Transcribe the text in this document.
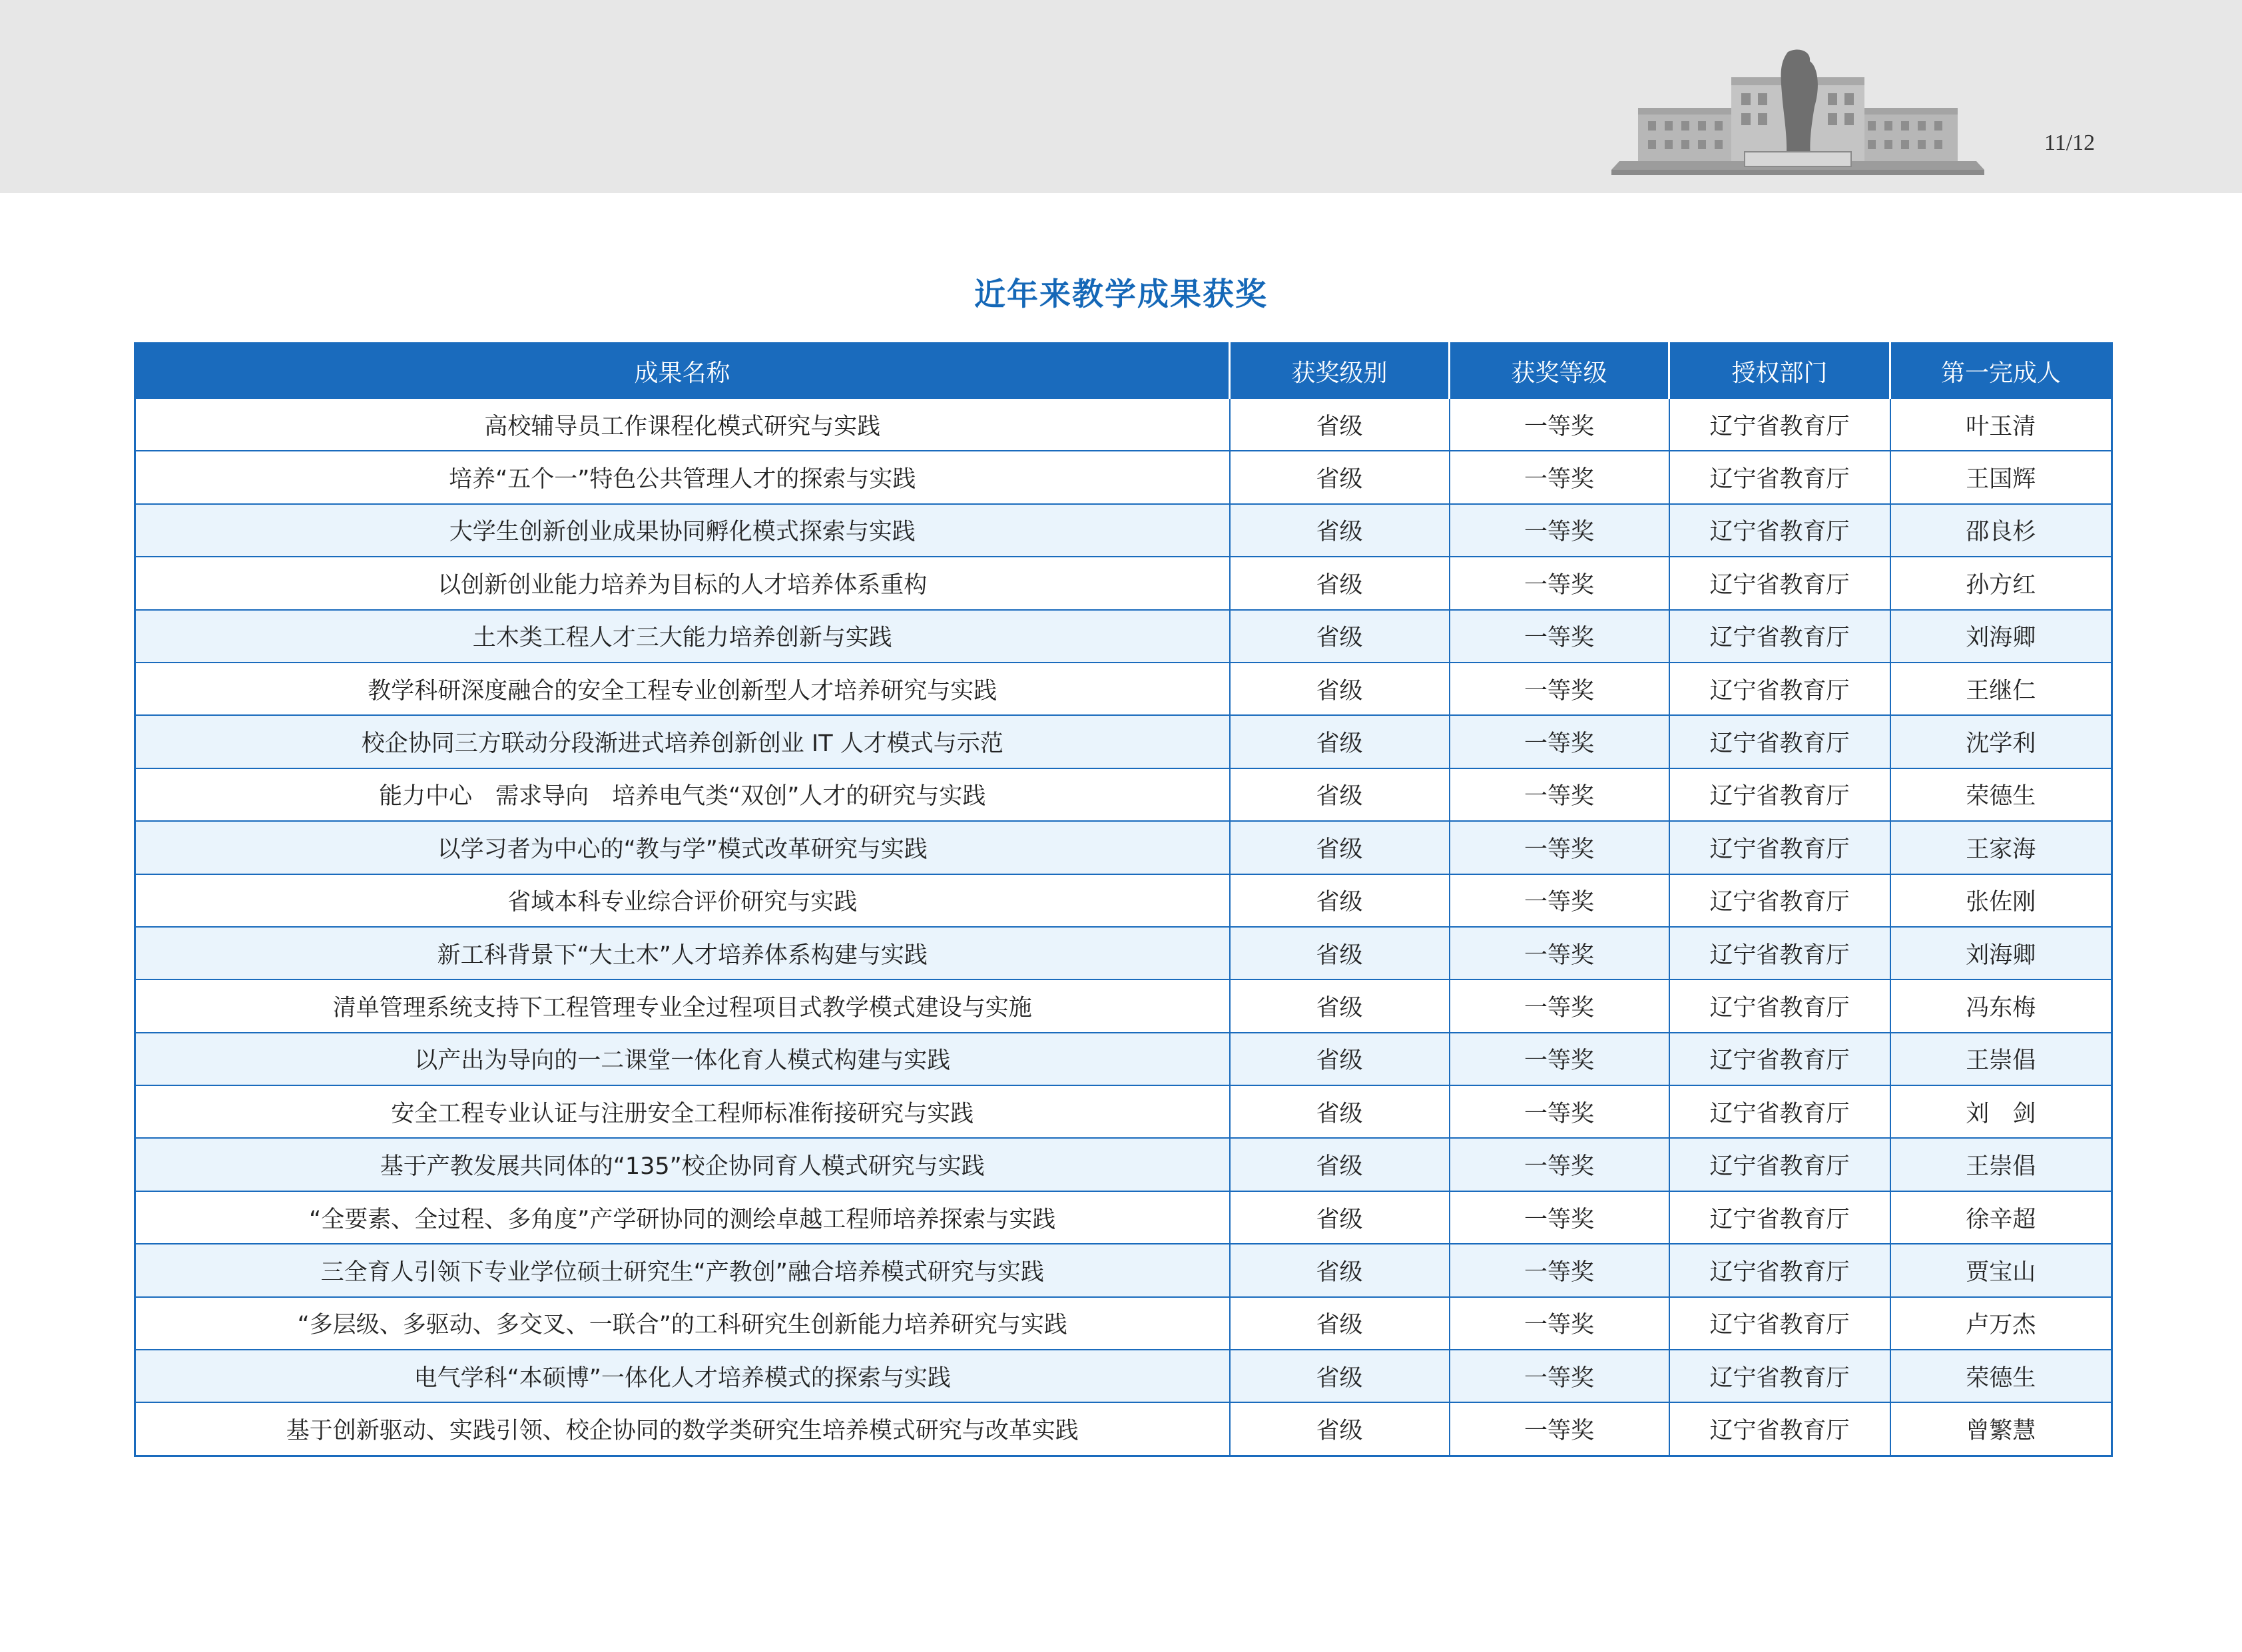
11/12
近年来教学成果获奖
成果名称	获奖级别	获奖等级	授权部门	第一完成人
高校辅导员工作课程化模式研究与实践	省级	一等奖	辽宁省教育厅	叶玉清
培养“五个一”特色公共管理人才的探索与实践	省级	一等奖	辽宁省教育厅	王国辉
大学生创新创业成果协同孵化模式探索与实践	省级	一等奖	辽宁省教育厅	邵良杉
以创新创业能力培养为目标的人才培养体系重构	省级	一等奖	辽宁省教育厅	孙方红
土木类工程人才三大能力培养创新与实践	省级	一等奖	辽宁省教育厅	刘海卿
教学科研深度融合的安全工程专业创新型人才培养研究与实践	省级	一等奖	辽宁省教育厅	王继仁
校企协同三方联动分段渐进式培养创新创业 IT 人才模式与示范	省级	一等奖	辽宁省教育厅	沈学利
能力中心　需求导向　培养电气类“双创”人才的研究与实践	省级	一等奖	辽宁省教育厅	荣德生
以学习者为中心的“教与学”模式改革研究与实践	省级	一等奖	辽宁省教育厅	王家海
省域本科专业综合评价研究与实践	省级	一等奖	辽宁省教育厅	张佐刚
新工科背景下“大土木”人才培养体系构建与实践	省级	一等奖	辽宁省教育厅	刘海卿
清单管理系统支持下工程管理专业全过程项目式教学模式建设与实施	省级	一等奖	辽宁省教育厅	冯东梅
以产出为导向的一二课堂一体化育人模式构建与实践	省级	一等奖	辽宁省教育厅	王崇倡
安全工程专业认证与注册安全工程师标准衔接研究与实践	省级	一等奖	辽宁省教育厅	刘　剑
基于产教发展共同体的“135”校企协同育人模式研究与实践	省级	一等奖	辽宁省教育厅	王崇倡
“全要素、全过程、多角度”产学研协同的测绘卓越工程师培养探索与实践	省级	一等奖	辽宁省教育厅	徐辛超
三全育人引领下专业学位硕士研究生“产教创”融合培养模式研究与实践	省级	一等奖	辽宁省教育厅	贾宝山
“多层级、多驱动、多交叉、一联合”的工科研究生创新能力培养研究与实践	省级	一等奖	辽宁省教育厅	卢万杰
电气学科“本硕博”一体化人才培养模式的探索与实践	省级	一等奖	辽宁省教育厅	荣德生
基于创新驱动、实践引领、校企协同的数学类研究生培养模式研究与改革实践	省级	一等奖	辽宁省教育厅	曾繁慧
